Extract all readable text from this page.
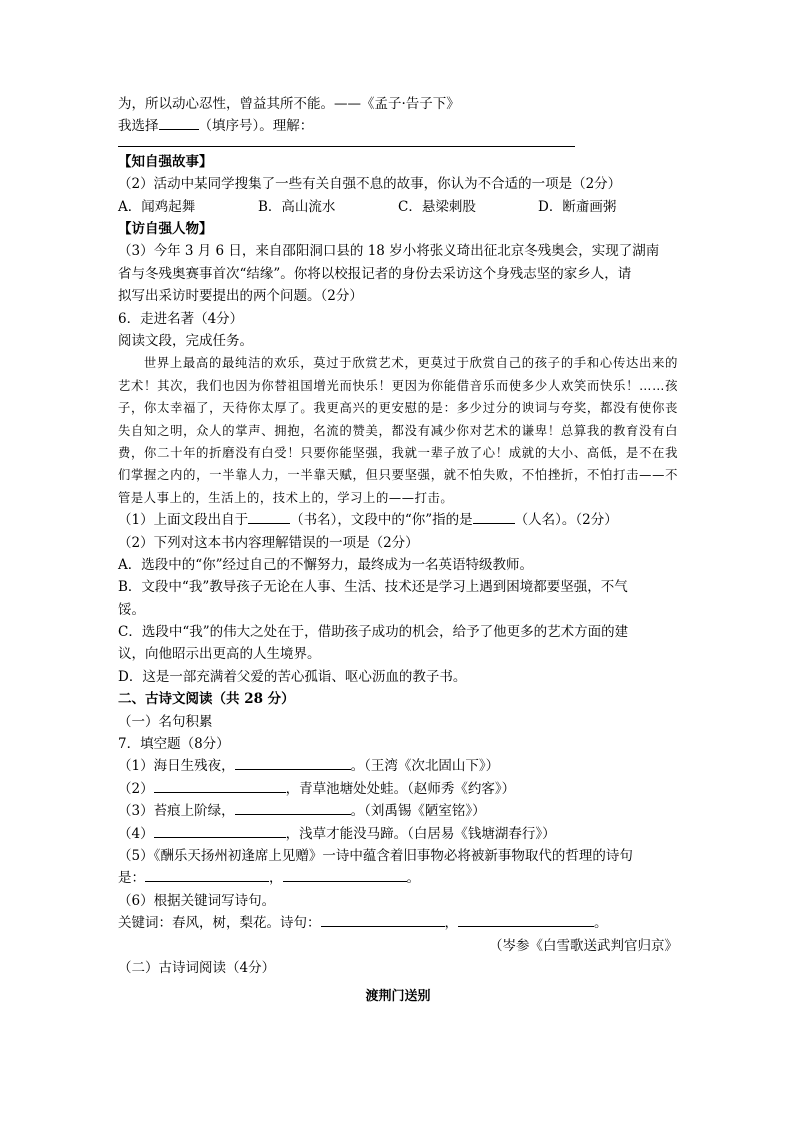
为，所以动心忍性，曾益其所不能。——《孟子·告子下》
我选择	（填序号）。理解：
【知自强故事】
（2）活动中某同学搜集了一些有关自强不息的故事，你认为不合适的一项是（2分）
A．闻鸡起舞	B．高山流水	C．悬梁刺股	D．断齑画粥
【访自强人物】
（3）今年 3 月 6 日，来自邵阳洞口县的 18 岁小将张义琦出征北京冬残奥会，实现了湖南
省与冬残奥赛事首次“结缘”。你将以校报记者的身份去采访这个身残志坚的家乡人，请
拟写出采访时要提出的两个问题。（2分）
6．走进名著（4分）
阅读文段，完成任务。

世界上最高的最纯洁的欢乐，莫过于欣赏艺术，更莫过于欣赏自己的孩子的手和心传达出来的艺术！其次，我们也因为你替祖国增光而快乐！更因为你能借音乐而使多少人欢笑而快乐！……孩子，你太幸福了，天待你太厚了。我更高兴的更安慰的是：多少过分的谀词与夸奖，都没有使你丧失自知之明，众人的掌声、拥抱，名流的赞美，都没有减少你对艺术的谦卑！总算我的教育没有白费，你二十年的折磨没有白受！只要你能坚强，我就一辈子放了心！成就的大小、高低，是不在我们掌握之内的，一半靠人力，一半靠天赋，但只要坚强，就不怕失败，不怕挫折，不怕打击——不管是人事上的，生活上的，技术上的，学习上的——打击。

（1）上面文段出自于	（书名），文段中的“你”指的是	（人名）。（2分）
（2）下列对这本书内容理解错误的一项是（2分）
A．选段中的“你”经过自己的不懈努力，最终成为一名英语特级教师。
B．文段中“我”教导孩子无论在人事、生活、技术还是学习上遇到困境都要坚强，不气
馁。
C．选段中“我”的伟大之处在于，借助孩子成功的机会，给予了他更多的艺术方面的建
议，向他昭示出更高的人生境界。
D．这是一部充满着父爱的苦心孤诣、呕心沥血的教子书。
二、古诗文阅读（共 28 分）
（一）名句积累
7．填空题（8分）
（1）海日生残夜，	。（王湾《次北固山下》）
（2）	，青草池塘处处蛙。（赵师秀《约客》）
（3）苔痕上阶绿，	。（刘禹锡《陋室铭》）
（4）	，浅草才能没马蹄。（白居易《钱塘湖春行》）
（5）《酬乐天扬州初逢席上见赠》一诗中蕴含着旧事物必将被新事物取代的哲理的诗句
是：	，	。
（6）根据关键词写诗句。
关键词：春风，树，梨花。诗句：	，	。
（岑参《白雪歌送武判官归京》
（二）古诗词阅读（4分）
渡荆门送别
